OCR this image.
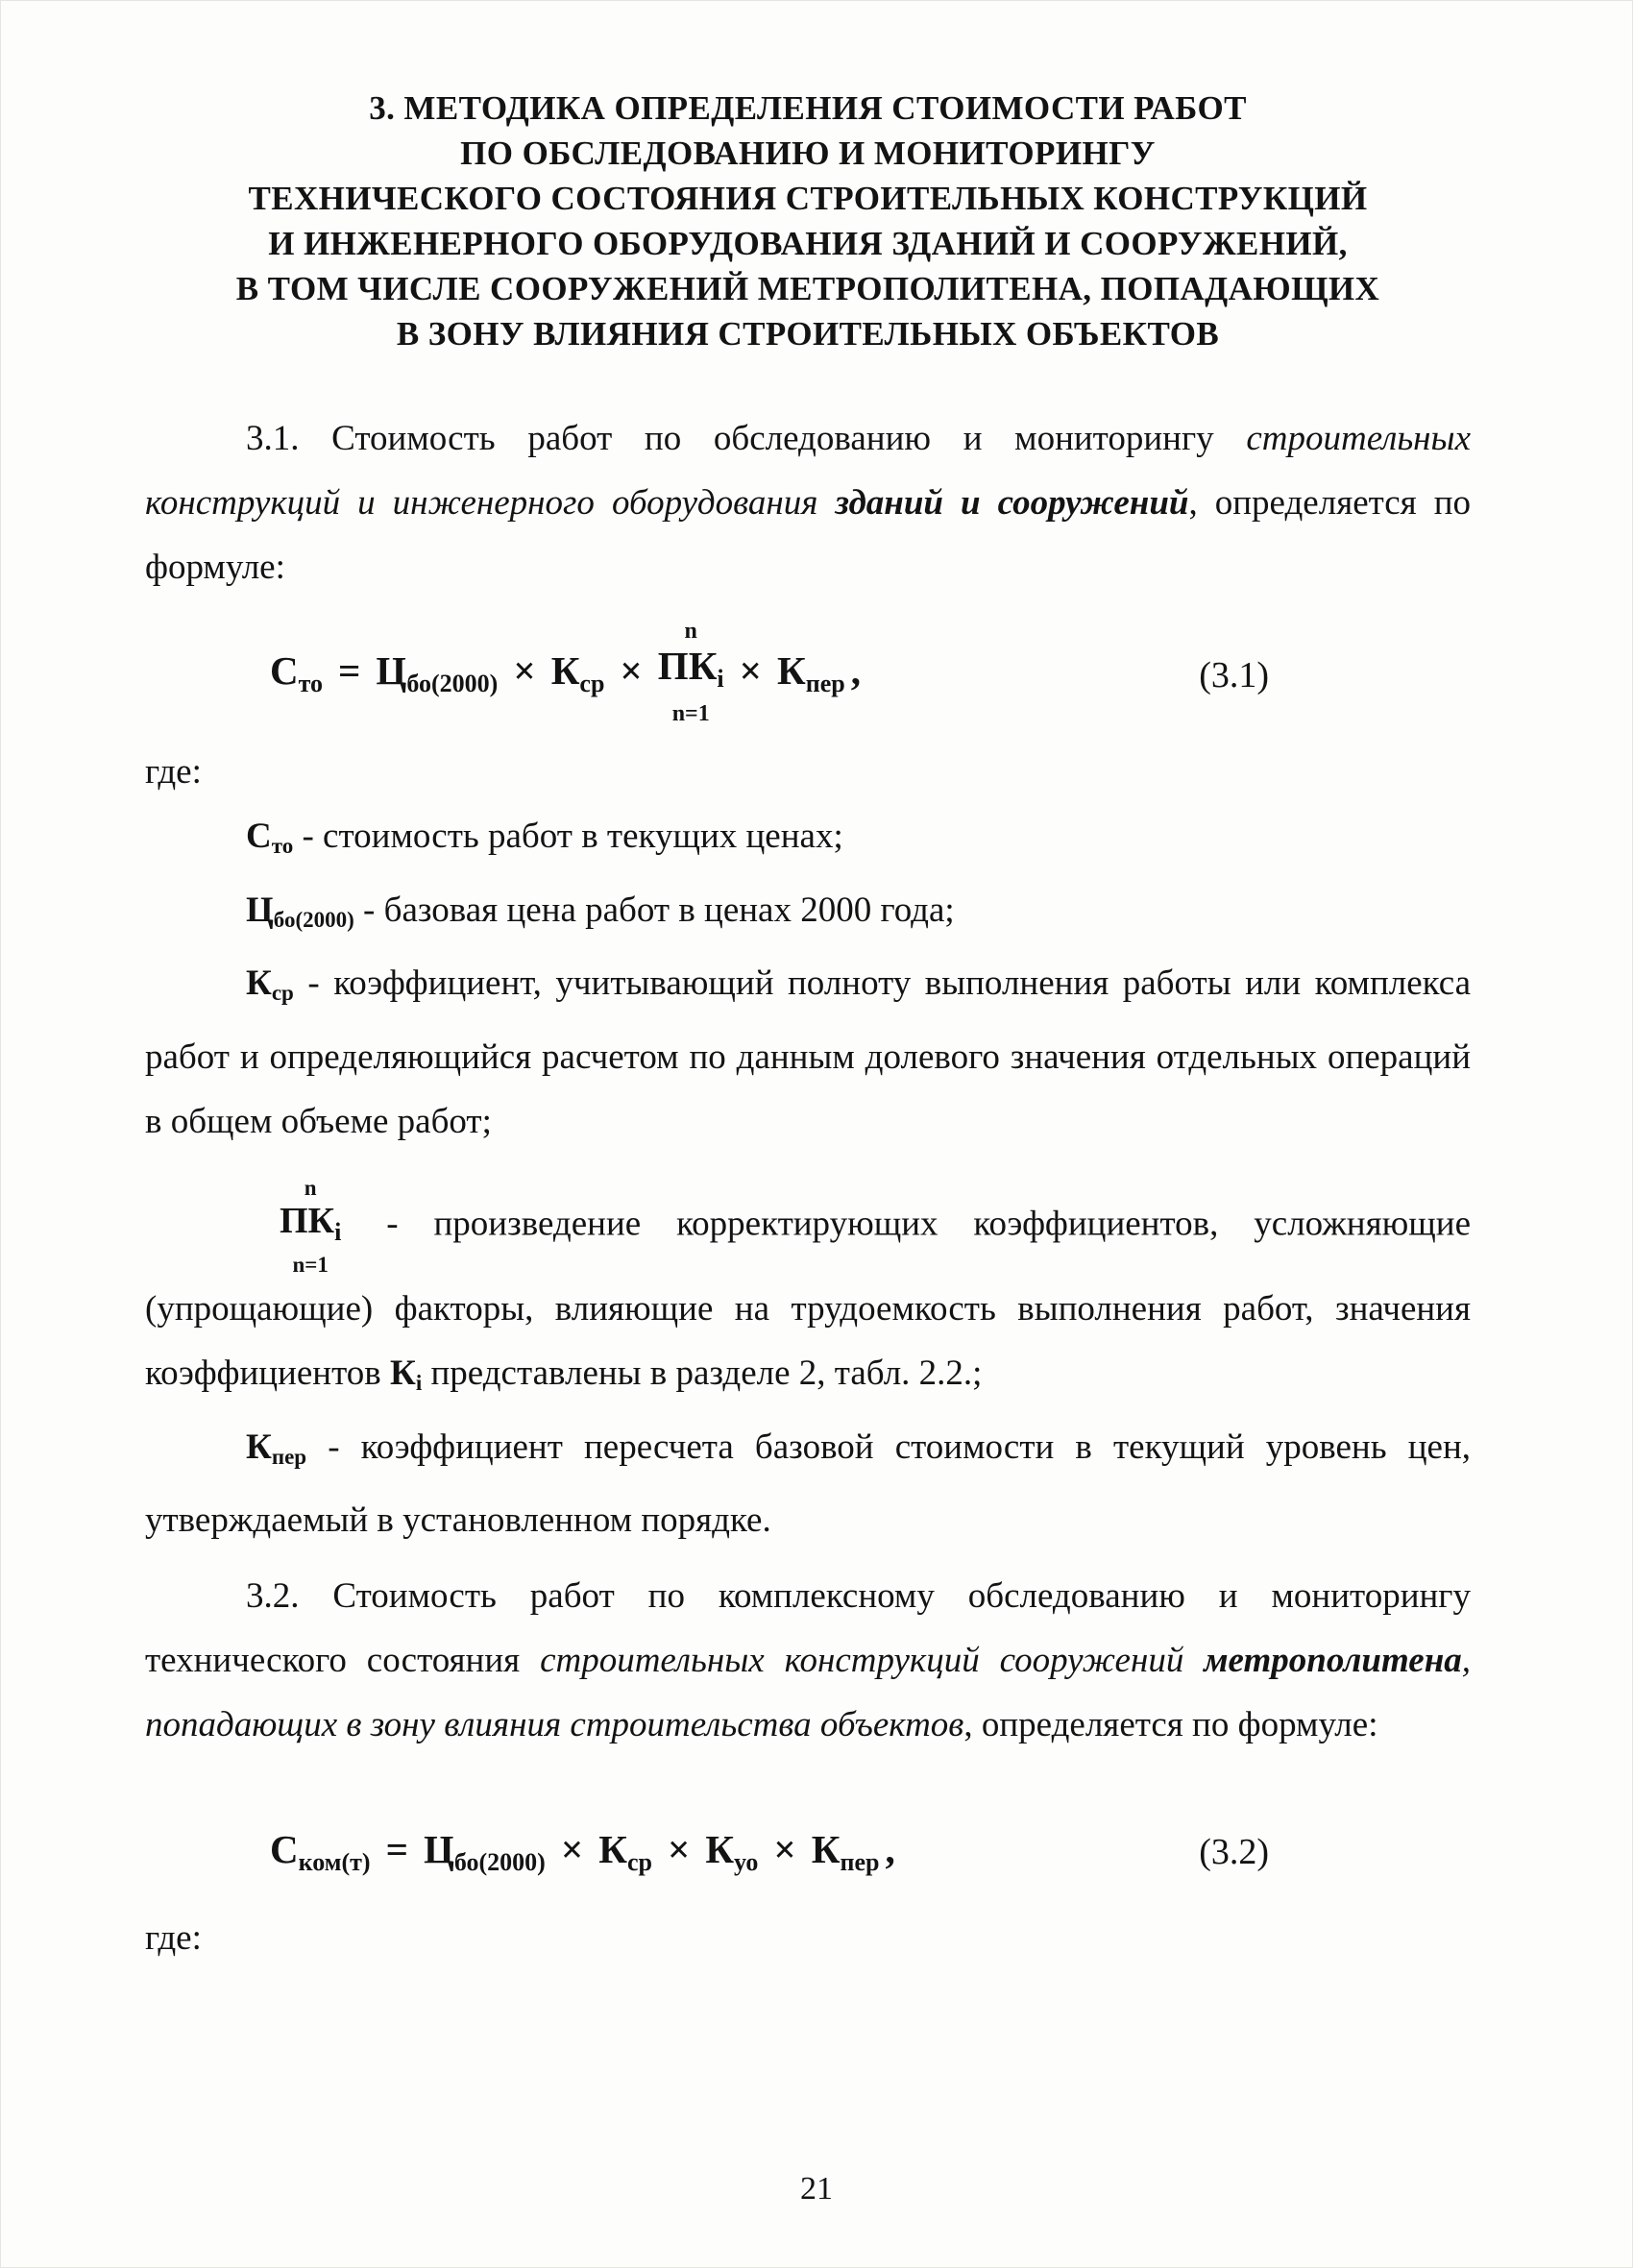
3. МЕТОДИКА ОПРЕДЕЛЕНИЯ СТОИМОСТИ РАБОТ
ПО ОБСЛЕДОВАНИЮ И МОНИТОРИНГУ
ТЕХНИЧЕСКОГО СОСТОЯНИЯ СТРОИТЕЛЬНЫХ КОНСТРУКЦИЙ
И ИНЖЕНЕРНОГО ОБОРУДОВАНИЯ ЗДАНИЙ И СООРУЖЕНИЙ,
В ТОМ ЧИСЛЕ СООРУЖЕНИЙ МЕТРОПОЛИТЕНА, ПОПАДАЮЩИХ
В ЗОНУ ВЛИЯНИЯ СТРОИТЕЛЬНЫХ ОБЪЕКТОВ

3.1. Стоимость работ по обследованию и мониторингу строительных конструкций и инженерного оборудования зданий и сооружений, определяется по формуле:

$С_{то} = Ц_{бо(2000)} \times К_{ср}$ ×
n
$ПК_i$
n=1
× $К_{пер}$ ,	(3.1)

где:

$С_{то}$ - стоимость работ в текущих ценах;

$Ц_{бо(2000)}$ - базовая цена работ в ценах 2000 года;

$К_{ср}$ - коэффициент, учитывающий полноту выполнения работы или комплекса работ и определяющийся расчетом по данным долевого значения отдельных операций в общем объеме работ;

n
$ПК_i$
n=1
- произведение корректирующих коэффициентов, усложняющие (упрощающие) факторы, влияющие на трудоемкость выполнения работ, значения коэффициентов $К_i$ представлены в разделе 2, табл. 2.2.;

$К_{пер}$ - коэффициент пересчета базовой стоимости в текущий уровень цен, утверждаемый в установленном порядке.

3.2. Стоимость работ по комплексному обследованию и мониторингу технического состояния строительных конструкций сооружений метрополитена, попадающих в зону влияния строительства объектов, определяется по формуле:

$С_{ком(т)} = Ц_{бо(2000)} \times К_{ср} \times К_{уо} \times К_{пер}$ ,	(3.2)

где:

21
